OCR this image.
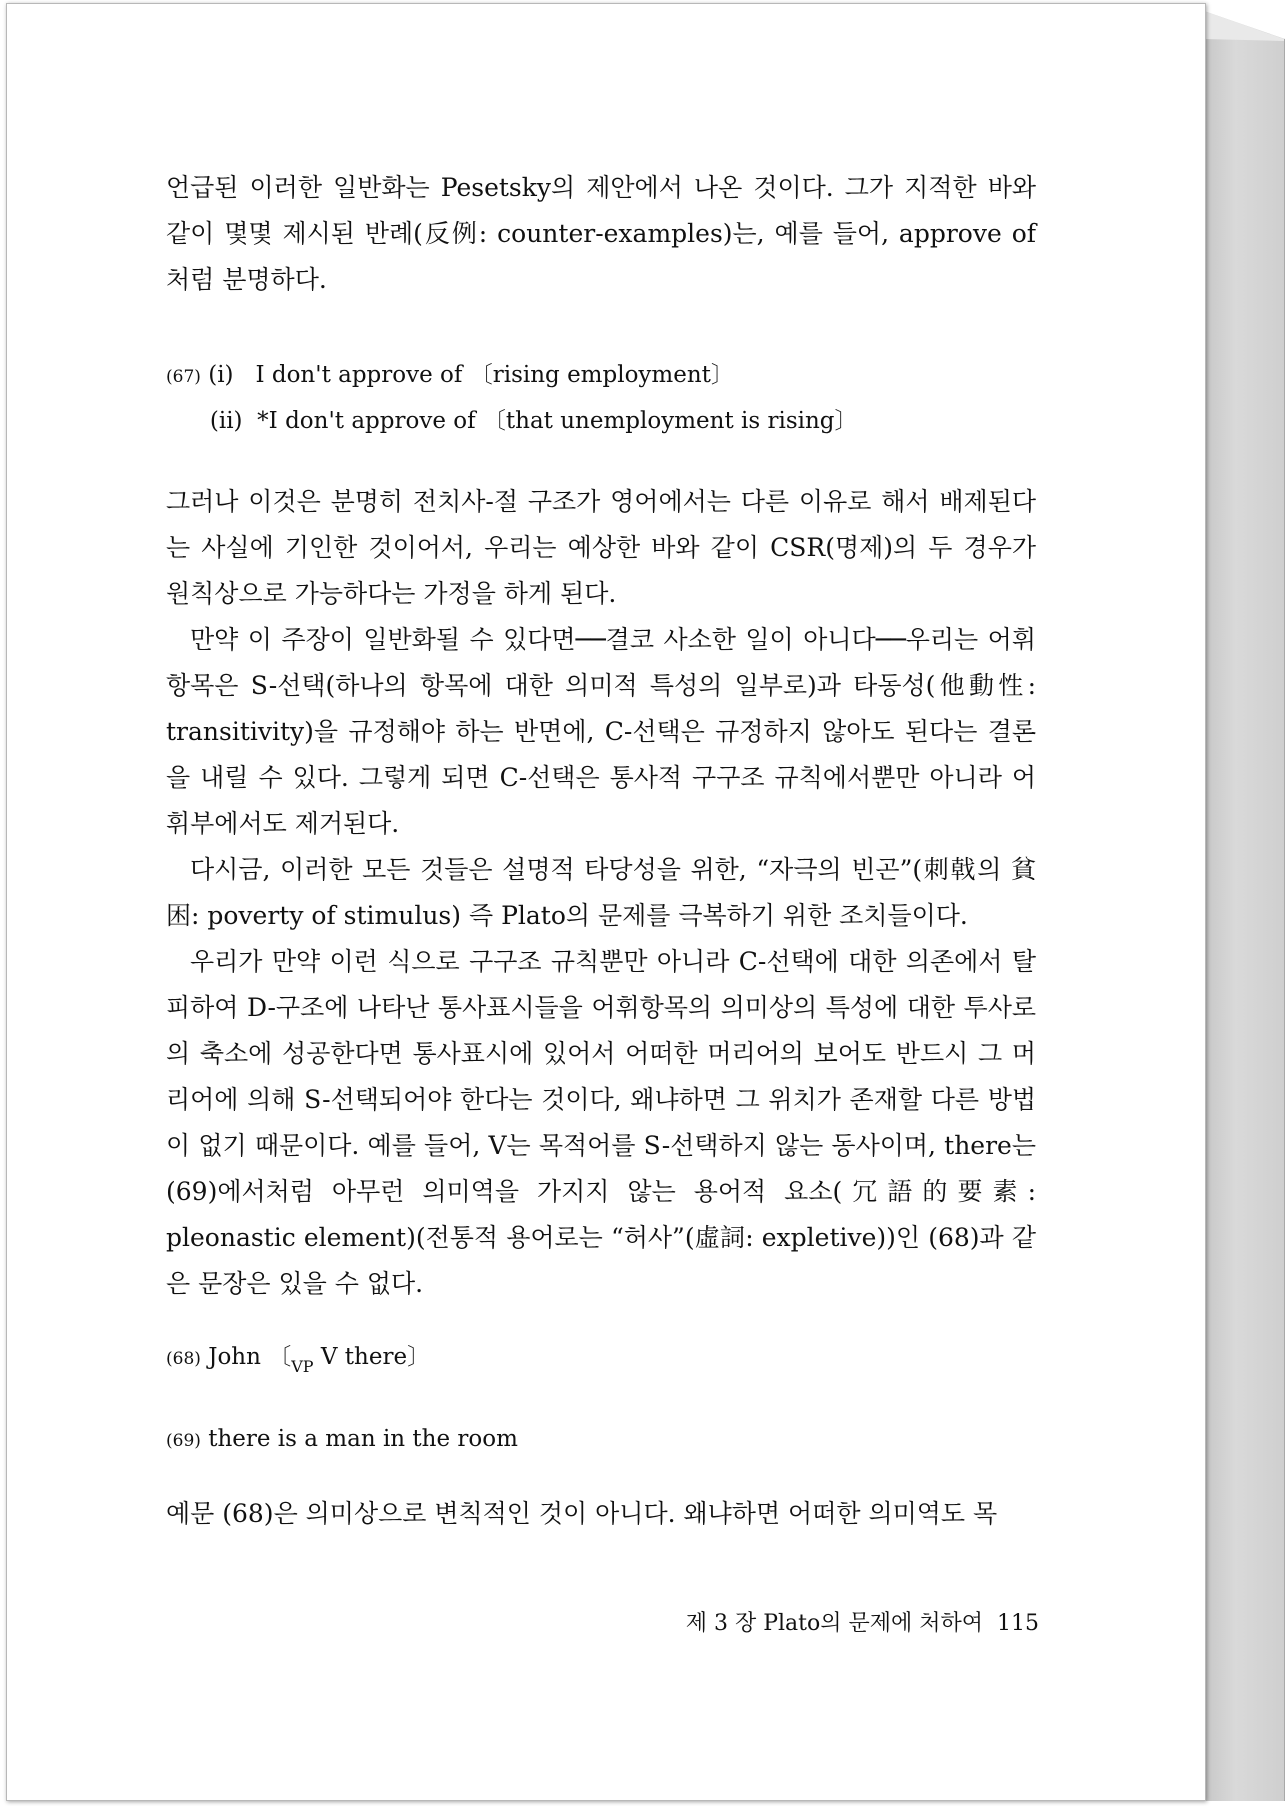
언급된 이러한 일반화는 Pesetsky의 제안에서 나온 것이다. 그가 지적한 바와 같이 몇몇 제시된 반례(反例: counter-examples)는, 예를 들어, approve of처럼 분명하다.

(67) (i) I don't approve of 〔rising employment〕
(ii) *I don't approve of 〔that unemployment is rising〕

그러나 이것은 분명히 전치사-절 구조가 영어에서는 다른 이유로 해서 배제된다는 사실에 기인한 것이어서, 우리는 예상한 바와 같이 CSR(명제)의 두 경우가 원칙상으로 가능하다는 가정을 하게 된다.

만약 이 주장이 일반화될 수 있다면──결코 사소한 일이 아니다──우리는 어휘항목은 S-선택(하나의 항목에 대한 의미적 특성의 일부로)과 타동성(他動性: transitivity)을 규정해야 하는 반면에, C-선택은 규정하지 않아도 된다는 결론을 내릴 수 있다. 그렇게 되면 C-선택은 통사적 구구조 규칙에서뿐만 아니라 어휘부에서도 제거된다.

다시금, 이러한 모든 것들은 설명적 타당성을 위한, “자극의 빈곤”(刺戟의 貧困: poverty of stimulus) 즉 Plato의 문제를 극복하기 위한 조치들이다.

우리가 만약 이런 식으로 구구조 규칙뿐만 아니라 C-선택에 대한 의존에서 탈피하여 D-구조에 나타난 통사표시들을 어휘항목의 의미상의 특성에 대한 투사로의 축소에 성공한다면 통사표시에 있어서 어떠한 머리어의 보어도 반드시 그 머리어에 의해 S-선택되어야 한다는 것이다, 왜냐하면 그 위치가 존재할 다른 방법이 없기 때문이다. 예를 들어, V는 목적어를 S-선택하지 않는 동사이며, there는 (69)에서처럼 아무런 의미역을 가지지 않는 용어적 요소(冗語的要素: pleonastic element)(전통적 용어로는 “허사”(虛詞: expletive))인 (68)과 같은 문장은 있을 수 없다.

(68) John 〔$_{VP}$ V there〕
(69) there is a man in the room

예문 (68)은 의미상으로 변칙적인 것이 아니다. 왜냐하면 어떠한 의미역도 목

제 3 장 Plato의 문제에 처하여 115
